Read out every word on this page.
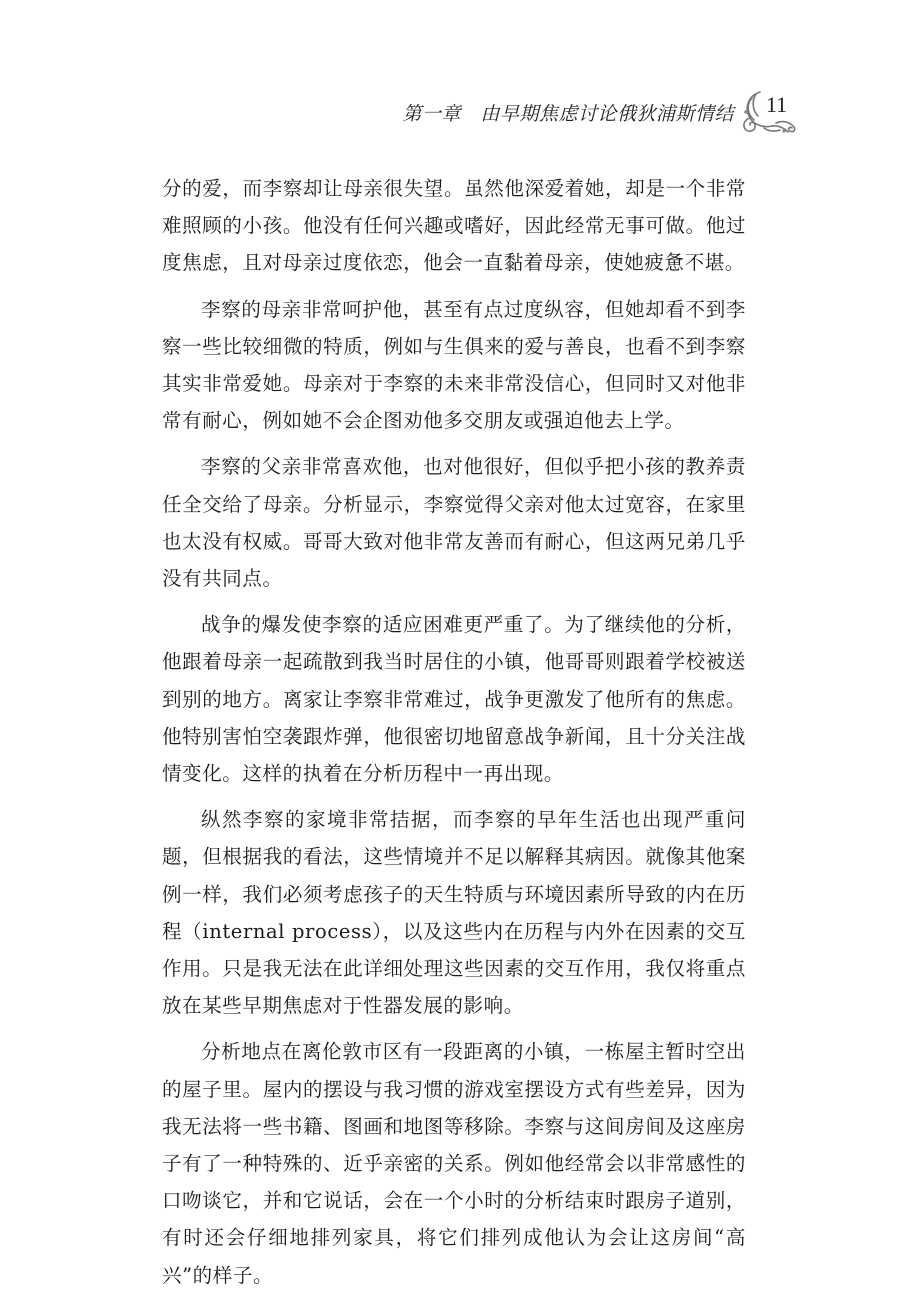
第一章　由早期焦虑讨论俄狄浦斯情结 11

分的爱，而李察却让母亲很失望。虽然他深爱着她，却是一个非常难照顾的小孩。他没有任何兴趣或嗜好，因此经常无事可做。他过度焦虑，且对母亲过度依恋，他会一直黏着母亲，使她疲惫不堪。

李察的母亲非常呵护他，甚至有点过度纵容，但她却看不到李察一些比较细微的特质，例如与生俱来的爱与善良，也看不到李察其实非常爱她。母亲对于李察的未来非常没信心，但同时又对他非常有耐心，例如她不会企图劝他多交朋友或强迫他去上学。

李察的父亲非常喜欢他，也对他很好，但似乎把小孩的教养责任全交给了母亲。分析显示，李察觉得父亲对他太过宽容，在家里也太没有权威。哥哥大致对他非常友善而有耐心，但这两兄弟几乎没有共同点。

战争的爆发使李察的适应困难更严重了。为了继续他的分析，他跟着母亲一起疏散到我当时居住的小镇，他哥哥则跟着学校被送到别的地方。离家让李察非常难过，战争更激发了他所有的焦虑。他特别害怕空袭跟炸弹，他很密切地留意战争新闻，且十分关注战情变化。这样的执着在分析历程中一再出现。

纵然李察的家境非常拮据，而李察的早年生活也出现严重问题，但根据我的看法，这些情境并不足以解释其病因。就像其他案例一样，我们必须考虑孩子的天生特质与环境因素所导致的内在历程（internal process），以及这些内在历程与内外在因素的交互作用。只是我无法在此详细处理这些因素的交互作用，我仅将重点放在某些早期焦虑对于性器发展的影响。

分析地点在离伦敦市区有一段距离的小镇，一栋屋主暂时空出的屋子里。屋内的摆设与我习惯的游戏室摆设方式有些差异，因为我无法将一些书籍、图画和地图等移除。李察与这间房间及这座房子有了一种特殊的、近乎亲密的关系。例如他经常会以非常感性的口吻谈它，并和它说话，会在一个小时的分析结束时跟房子道别，有时还会仔细地排列家具，将它们排列成他认为会让这房间“高兴”的样子。
